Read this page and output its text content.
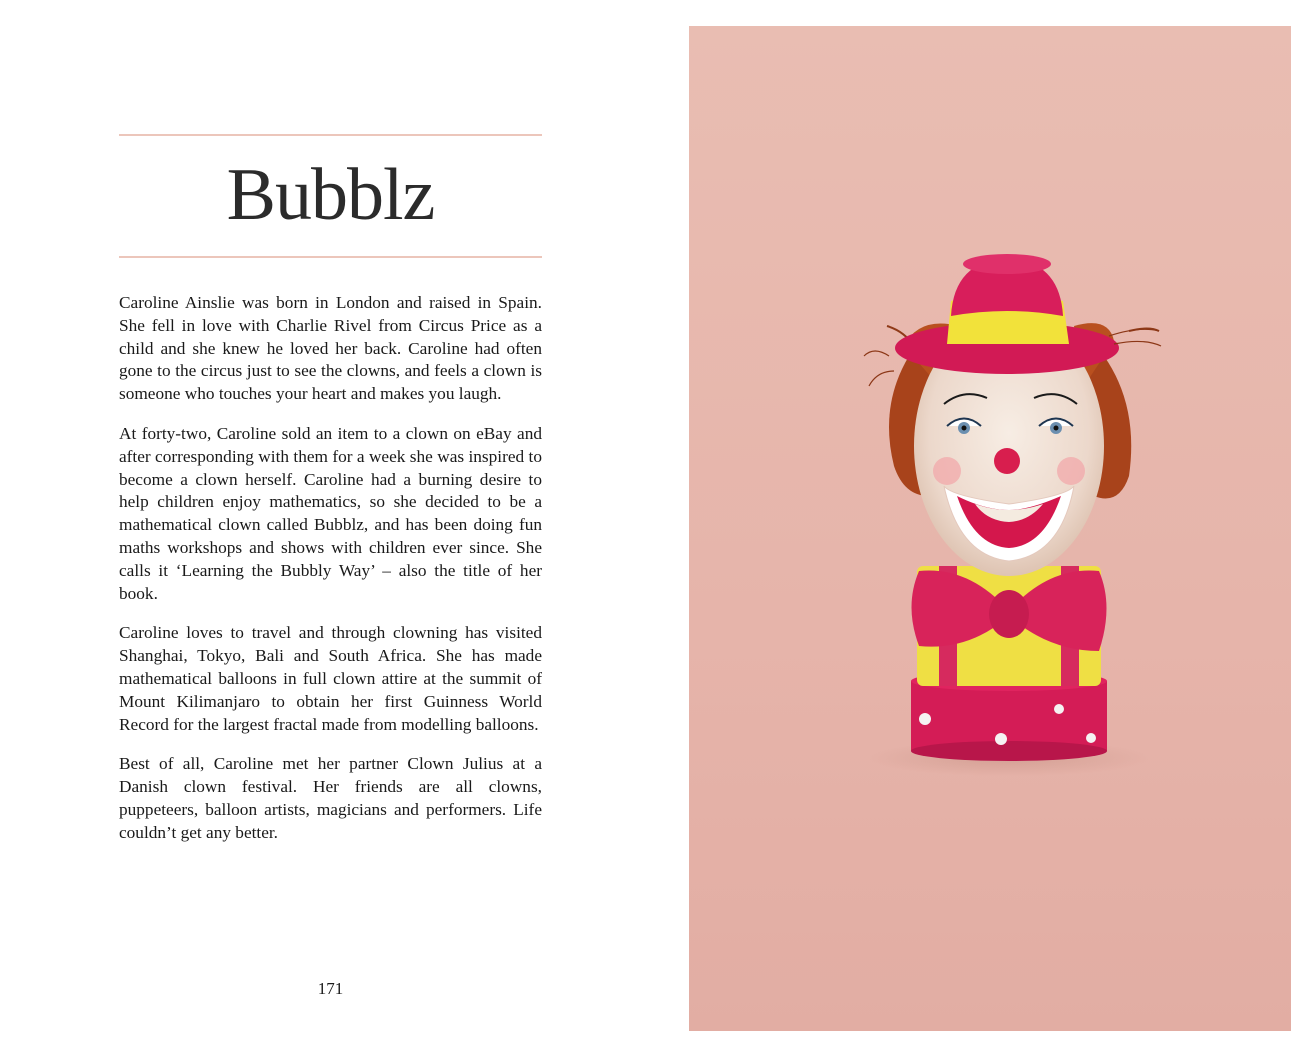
Bubblz

Caroline Ainslie was born in London and raised in Spain. She fell in love with Charlie Rivel from Circus Price as a child and she knew he loved her back. Caroline had often gone to the circus just to see the clowns, and feels a clown is someone who touches your heart and makes you laugh.

At forty-two, Caroline sold an item to a clown on eBay and after corresponding with them for a week she was inspired to become a clown herself. Caroline had a burning desire to help children enjoy mathematics, so she decided to be a mathematical clown called Bubblz, and has been doing fun maths workshops and shows with children ever since. She calls it ‘Learning the Bubbly Way’ – also the title of her book.

Caroline loves to travel and through clowning has visited Shanghai, Tokyo, Bali and South Africa. She has made mathematical balloons in full clown attire at the summit of Mount Kilimanjaro to obtain her first Guinness World Record for the largest fractal made from modelling balloons.

Best of all, Caroline met her partner Clown Julius at a Danish clown festival. Her friends are all clowns, puppeteers, balloon artists, magicians and performers. Life couldn’t get any better.

171
